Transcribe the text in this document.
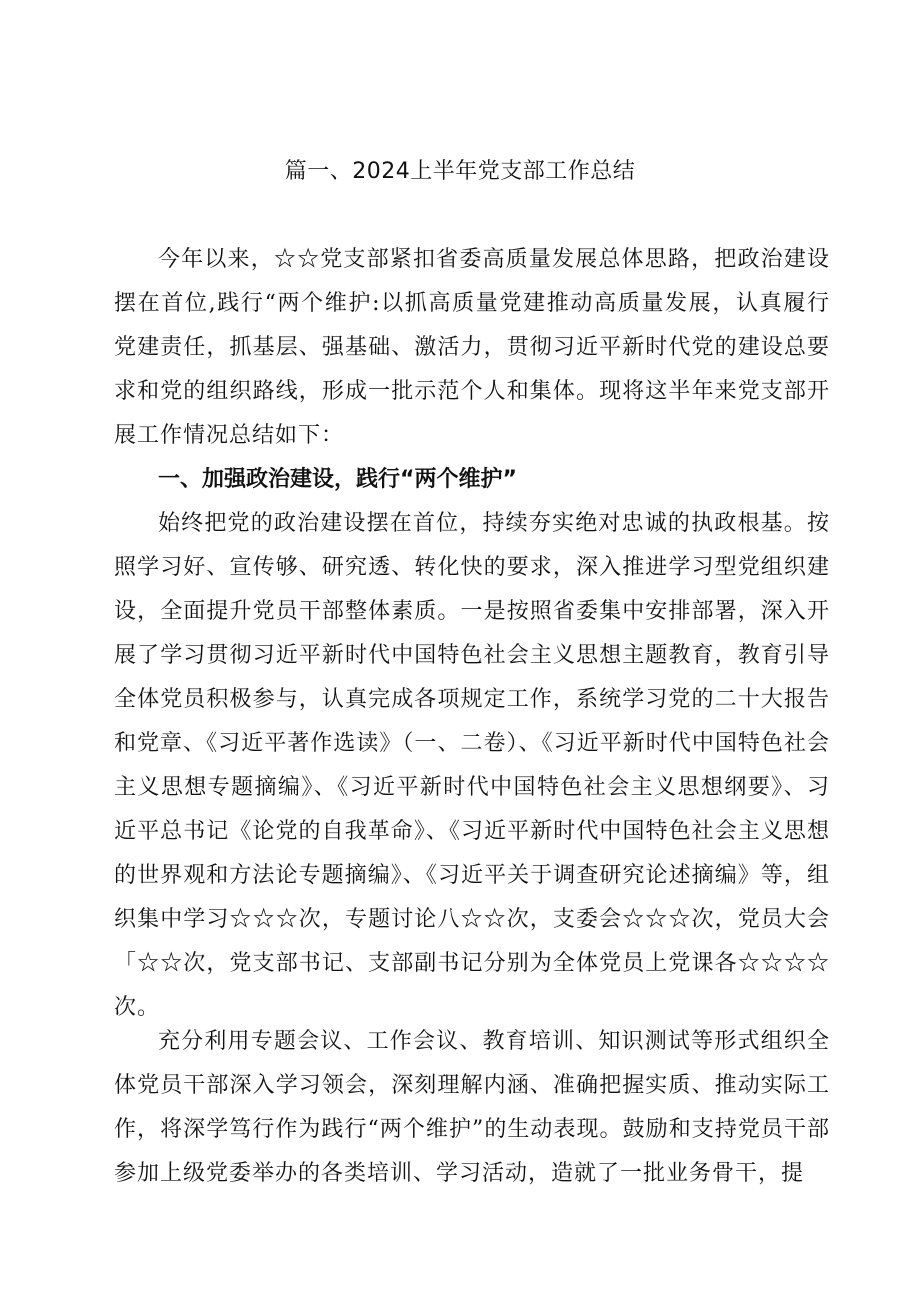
篇一、2024上半年党支部工作总结

今年以来，☆☆党支部紧扣省委高质量发展总体思路，把政治建设摆在首位,践行“两个维护:以抓高质量党建推动高质量发展，认真履行党建责任，抓基层、强基础、激活力，贯彻习近平新时代党的建设总要求和党的组织路线，形成一批示范个人和集体。现将这半年来党支部开展工作情况总结如下：

一、加强政治建设，践行“两个维护”

始终把党的政治建设摆在首位，持续夯实绝对忠诚的执政根基。按照学习好、宣传够、研究透、转化快的要求，深入推进学习型党组织建设，全面提升党员干部整体素质。一是按照省委集中安排部署，深入开展了学习贯彻习近平新时代中国特色社会主义思想主题教育，教育引导全体党员积极参与，认真完成各项规定工作，系统学习党的二十大报告和党章、《习近平著作选读》（一、二卷）、《习近平新时代中国特色社会主义思想专题摘编》、《习近平新时代中国特色社会主义思想纲要》、习近平总书记《论党的自我革命》、《习近平新时代中国特色社会主义思想的世界观和方法论专题摘编》、《习近平关于调查研究论述摘编》等，组织集中学习☆☆☆次，专题讨论八☆☆次，支委会☆☆☆次，党员大会「☆☆次，党支部书记、支部副书记分别为全体党员上党课各☆☆☆☆次。

充分利用专题会议、工作会议、教育培训、知识测试等形式组织全体党员干部深入学习领会，深刻理解内涵、准确把握实质、推动实际工作，将深学笃行作为践行“两个维护”的生动表现。鼓励和支持党员干部参加上级党委举办的各类培训、学习活动，造就了一批业务骨干，提
